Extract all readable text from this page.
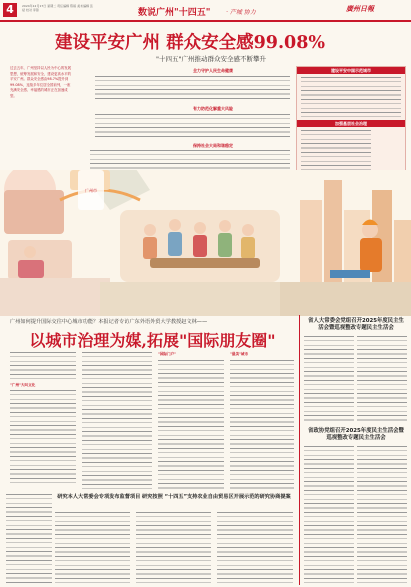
4	2024年12月17日 星期二 责任编辑 陈娟 美术编辑 张 斌 校对 李锋	数说广州"十四五"	· 产城 协力	廣州日報
建设平安广州 群众安全感99.08%
"十四五"广州推动群众安全感不断攀升
过去五年，广州坚持以人民为中心的发展思想，统筹发展和安全，建设更高水平的平安广州。群众安全感由98.7%提升到99.08%，连续多年位居全国前列，一座充满安全感、幸福感的城市正在加速成型。
全力守护人民生命健康
有力防范化解重大风险
保持社会大局和谐稳定
建设平安中国示范城市
加强基层社会治理
广州市
广州如何提升国际交往中心城市功能？本报记者专访广东外语外贸大学教授赵文林——
以城市治理为媒,拓展"国际朋友圈"
"广州"大叫文化
"国际门户"	"最美"城市
研究本人大常委会专项发布监督项目 研究按照 “十四五”支持农业自由贸易区开展示范的研究协商提案
省人大常委会党组召开2025年度民主生活会暨巡视整改专题民主生活会
省政协党组召开2025年度民主生活会暨巡视整改专题民主生活会
